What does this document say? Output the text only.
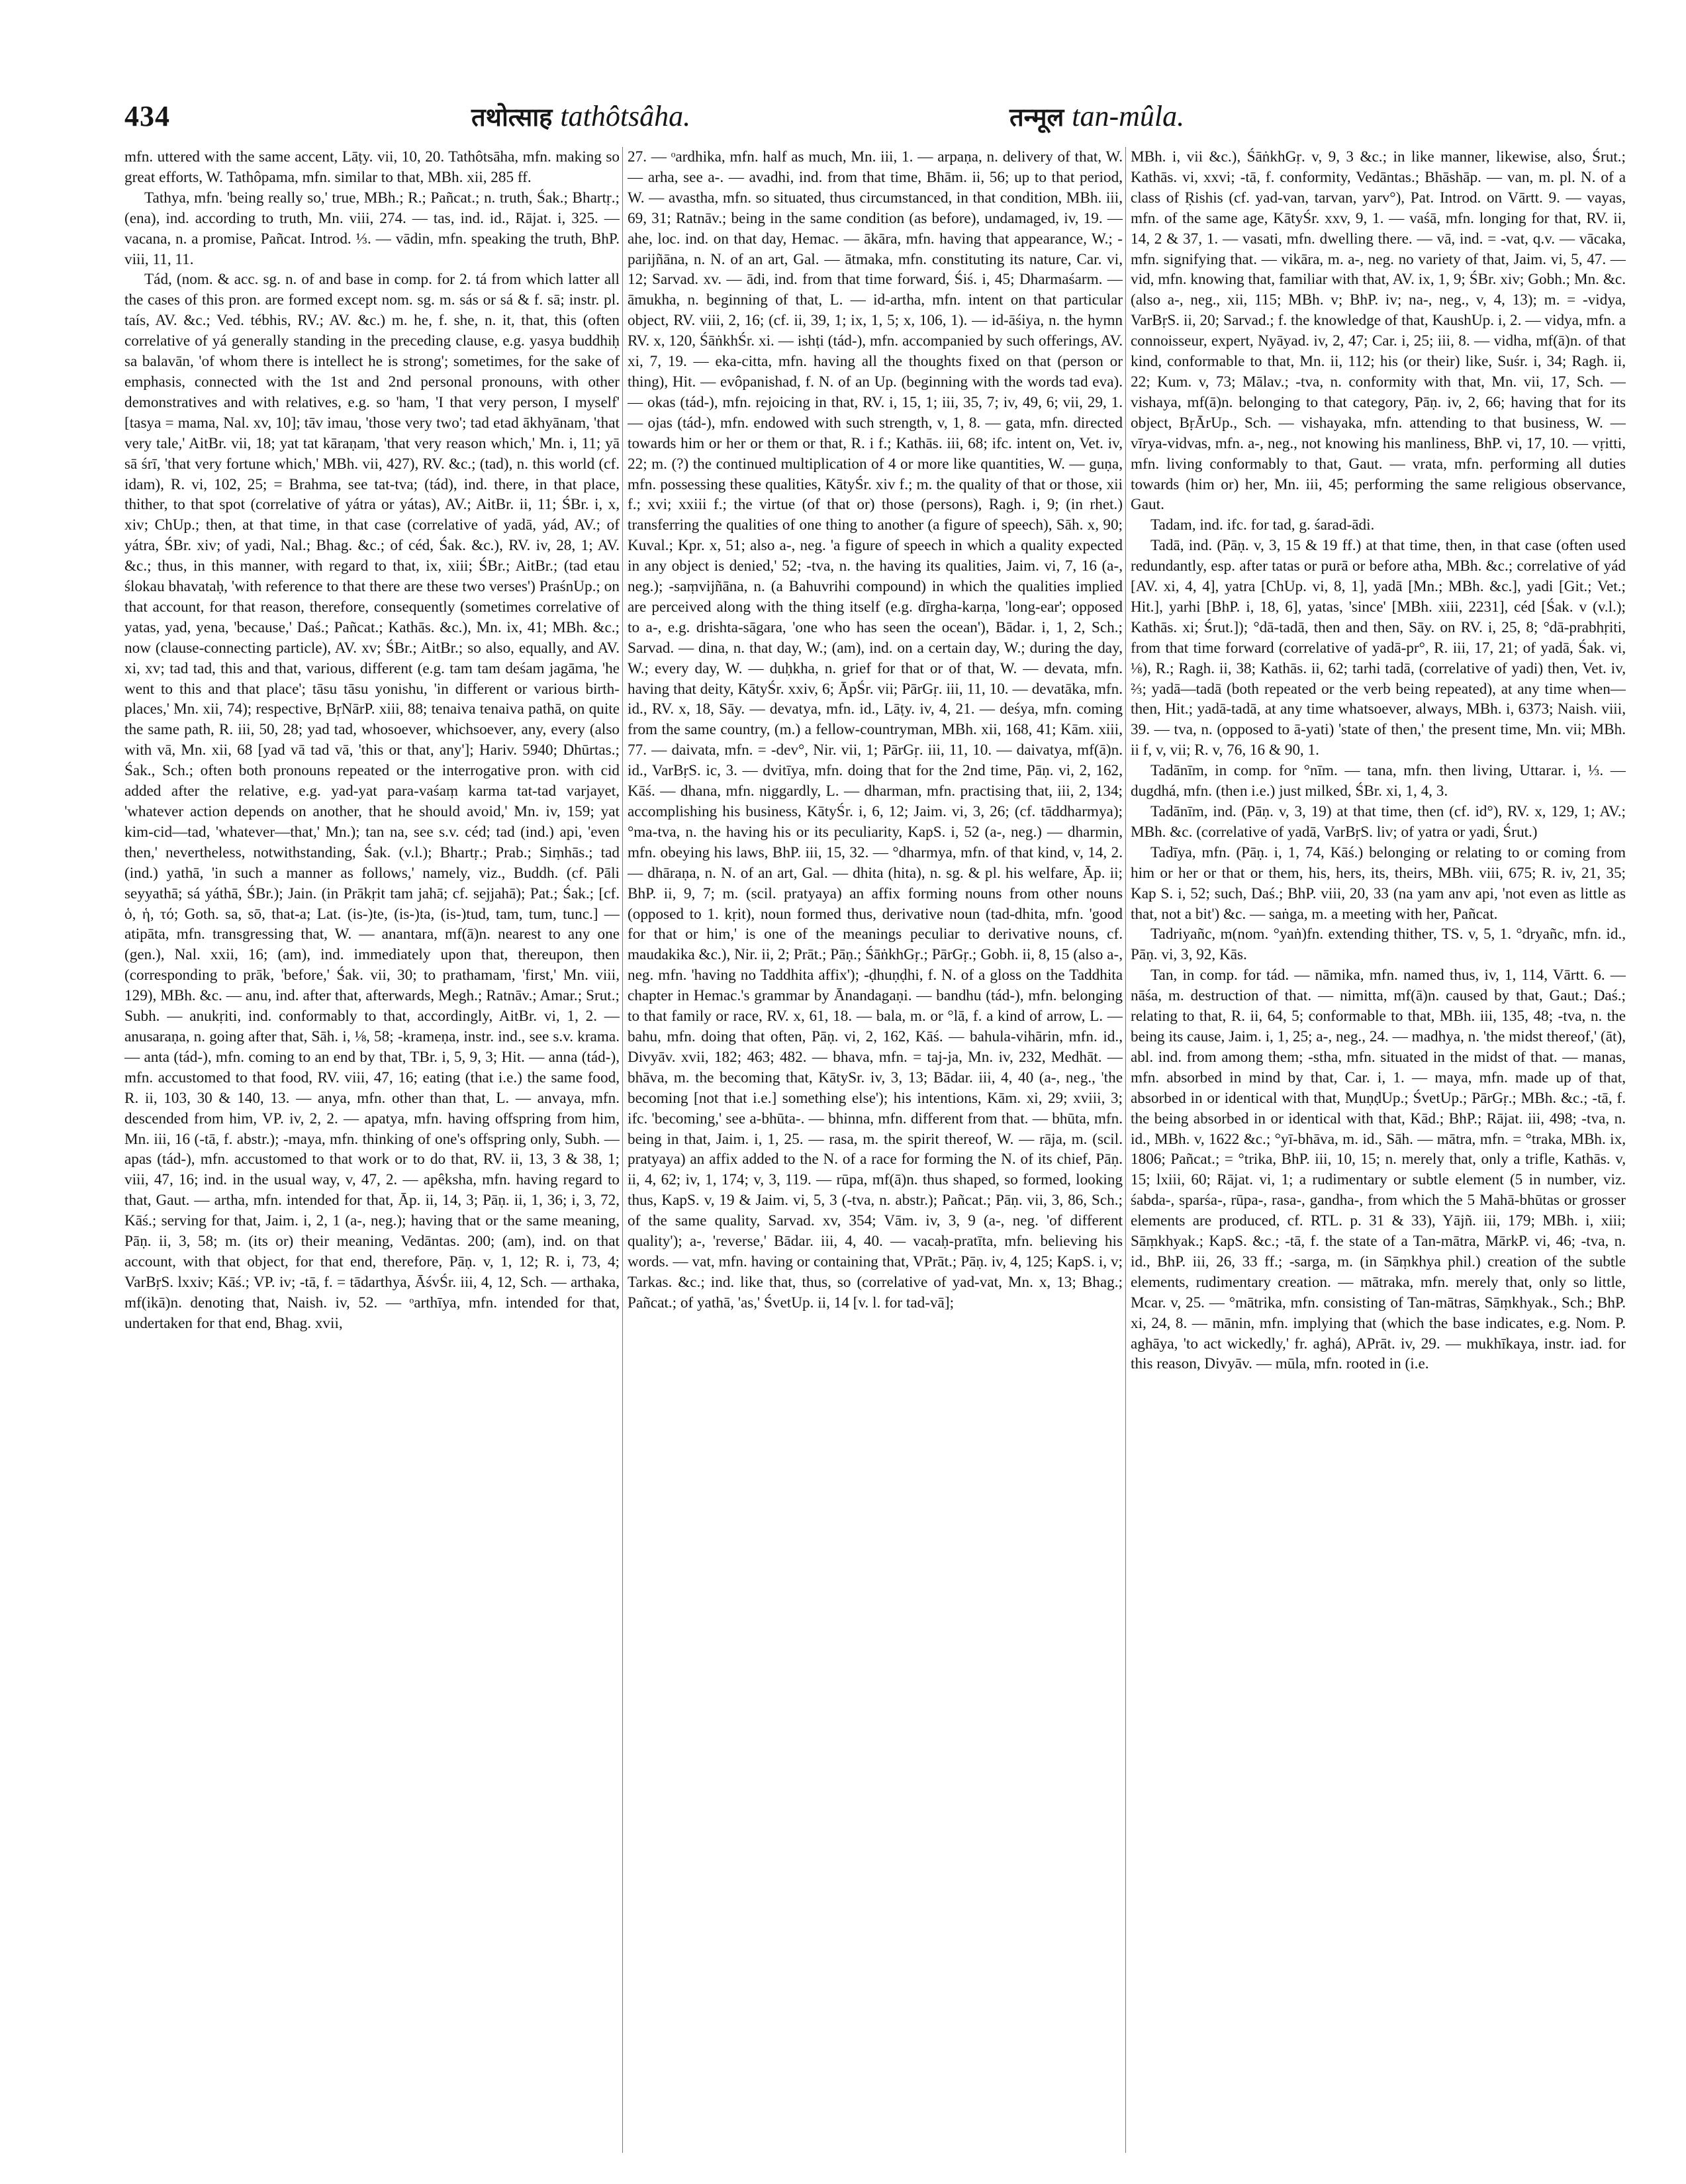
434	तथोत्साह tathôtsâha.	तन्मूल tan-mûla.

mfn. uttered with the same accent, Lāṭy. vii, 10, 20. Tathôtsāha, mfn. making so great efforts, W. Tathôpama, mfn. similar to that, MBh. xii, 285 ff.

Tathya, mfn. 'being really so,' true, MBh.; R.; Pañcat.; n. truth, Śak.; Bhartṛ.; (ena), ind. according to truth, Mn. viii, 274. — tas, ind. id., Rājat. i, 325. — vacana, n. a promise, Pañcat. Introd. ⅓. — vādin, mfn. speaking the truth, BhP. viii, 11, 11.

Tád, (nom. & acc. sg. n. of and base in comp. for 2. tá from which latter all the cases of this pron. are formed except nom. sg. m. sás or sá & f. sā; instr. pl. taís, AV. &c.; Ved. tébhis, RV.; AV. &c.) m. he, f. she, n. it, that, this (often correlative of yá generally standing in the preceding clause, e.g. yasya buddhiḥ sa balavān, 'of whom there is intellect he is strong'; sometimes, for the sake of emphasis, connected with the 1st and 2nd personal pronouns, with other demonstratives and with relatives, e.g. so 'ham, 'I that very person, I myself' [tasya = mama, Nal. xv, 10]; tāv imau, 'those very two'; tad etad ākhyānam, 'that very tale,' AitBr. vii, 18; yat tat kāraṇam, 'that very reason which,' Mn. i, 11; yā sā śrī, 'that very fortune which,' MBh. vii, 427), RV. &c.; (tad), n. this world (cf. idam), R. vi, 102, 25; = Brahma, see tat-tva; (tád), ind. there, in that place, thither, to that spot (correlative of yátra or yátas), AV.; AitBr. ii, 11; ŚBr. i, x, xiv; ChUp.; then, at that time, in that case (correlative of yadā, yád, AV.; of yátra, ŚBr. xiv; of yadi, Nal.; Bhag. &c.; of céd, Śak. &c.), RV. iv, 28, 1; AV. &c.; thus, in this manner, with regard to that, ix, xiii; ŚBr.; AitBr.; (tad etau ślokau bhavataḥ, 'with reference to that there are these two verses') PraśnUp.; on that account, for that reason, therefore, consequently (sometimes correlative of yatas, yad, yena, 'because,' Daś.; Pañcat.; Kathās. &c.), Mn. ix, 41; MBh. &c.; now (clause-connecting particle), AV. xv; ŚBr.; AitBr.; so also, equally, and AV. xi, xv; tad tad, this and that, various, different (e.g. tam tam deśam jagāma, 'he went to this and that place'; tāsu tāsu yonishu, 'in different or various birth-places,' Mn. xii, 74); respective, BṛNārP. xiii, 88; tenaiva tenaiva pathā, on quite the same path, R. iii, 50, 28; yad tad, whosoever, whichsoever, any, every (also with vā, Mn. xii, 68 [yad vā tad vā, 'this or that, any']; Hariv. 5940; Dhūrtas.; Śak., Sch.; often both pronouns repeated or the interrogative pron. with cid added after the relative, e.g. yad-yat para-vaśaṃ karma tat-tad varjayet, 'whatever action depends on another, that he should avoid,' Mn. iv, 159; yat kim-cid—tad, 'whatever—that,' Mn.); tan na, see s.v. céd; tad (ind.) api, 'even then,' nevertheless, notwithstanding, Śak. (v.l.); Bhartṛ.; Prab.; Siṃhās.; tad (ind.) yathā, 'in such a manner as follows,' namely, viz., Buddh. (cf. Pāli seyyathā; sá yáthā, ŚBr.); Jain. (in Prākṛit tam jahā; cf. sejjahā); Pat.; Śak.; [cf. ὁ, ἡ, τό; Goth. sa, sō, that-a; Lat. (is-)te, (is-)ta, (is-)tud, tam, tum, tunc.] — atipāta, mfn. transgressing that, W. — anantara, mf(ā)n. nearest to any one (gen.), Nal. xxii, 16; (am), ind. immediately upon that, thereupon, then (corresponding to prāk, 'before,' Śak. vii, 30; to prathamam, 'first,' Mn. viii, 129), MBh. &c. — anu, ind. after that, afterwards, Megh.; Ratnāv.; Amar.; Srut.; Subh. — anukṛiti, ind. conformably to that, accordingly, AitBr. vi, 1, 2. — anusaraṇa, n. going after that, Sāh. i, ⅛, 58; -krameṇa, instr. ind., see s.v. krama. — anta (tád-), mfn. coming to an end by that, TBr. i, 5, 9, 3; Hit. — anna (tád-), mfn. accustomed to that food, RV. viii, 47, 16; eating (that i.e.) the same food, R. ii, 103, 30 & 140, 13. — anya, mfn. other than that, L. — anvaya, mfn. descended from him, VP. iv, 2, 2. — apatya, mfn. having offspring from him, Mn. iii, 16 (-tā, f. abstr.); -maya, mfn. thinking of one's offspring only, Subh. — apas (tád-), mfn. accustomed to that work or to do that, RV. ii, 13, 3 & 38, 1; viii, 47, 16; ind. in the usual way, v, 47, 2. — apêksha, mfn. having regard to that, Gaut. — artha, mfn. intended for that, Āp. ii, 14, 3; Pāṇ. ii, 1, 36; i, 3, 72, Kāś.; serving for that, Jaim. i, 2, 1 (a-, neg.); having that or the same meaning, Pāṇ. ii, 3, 58; m. (its or) their meaning, Vedāntas. 200; (am), ind. on that account, with that object, for that end, therefore, Pāṇ. v, 1, 12; R. i, 73, 4; VarBṛS. lxxiv; Kāś.; VP. iv; -tā, f. = tādarthya, ĀśvŚr. iii, 4, 12, Sch. — arthaka, mf(ikā)n. denoting that, Naish. iv, 52. — ᵒarthīya, mfn. intended for that, undertaken for that end, Bhag. xvii,

27. — ᵒardhika, mfn. half as much, Mn. iii, 1. — arpaṇa, n. delivery of that, W. — arha, see a-. — avadhi, ind. from that time, Bhām. ii, 56; up to that period, W. — avastha, mfn. so situated, thus circumstanced, in that condition, MBh. iii, 69, 31; Ratnāv.; being in the same condition (as before), undamaged, iv, 19. — ahe, loc. ind. on that day, Hemac. — ākāra, mfn. having that appearance, W.; -parijñāna, n. N. of an art, Gal. — ātmaka, mfn. constituting its nature, Car. vi, 12; Sarvad. xv. — ādi, ind. from that time forward, Śiś. i, 45; Dharmaśarm. — āmukha, n. beginning of that, L. — id-artha, mfn. intent on that particular object, RV. viii, 2, 16; (cf. ii, 39, 1; ix, 1, 5; x, 106, 1). — id-āśiya, n. the hymn RV. x, 120, ŚāṅkhŚr. xi. — ishṭi (tád-), mfn. accompanied by such offerings, AV. xi, 7, 19. — eka-citta, mfn. having all the thoughts fixed on that (person or thing), Hit. — evôpanishad, f. N. of an Up. (beginning with the words tad eva). — okas (tád-), mfn. rejoicing in that, RV. i, 15, 1; iii, 35, 7; iv, 49, 6; vii, 29, 1. — ojas (tád-), mfn. endowed with such strength, v, 1, 8. — gata, mfn. directed towards him or her or them or that, R. i f.; Kathās. iii, 68; ifc. intent on, Vet. iv, 22; m. (?) the continued multiplication of 4 or more like quantities, W. — guṇa, mfn. possessing these qualities, KātyŚr. xiv f.; m. the quality of that or those, xii f.; xvi; xxiii f.; the virtue (of that or) those (persons), Ragh. i, 9; (in rhet.) transferring the qualities of one thing to another (a figure of speech), Sāh. x, 90; Kuval.; Kpr. x, 51; also a-, neg. 'a figure of speech in which a quality expected in any object is denied,' 52; -tva, n. the having its qualities, Jaim. vi, 7, 16 (a-, neg.); -saṃvijñāna, n. (a Bahuvrihi compound) in which the qualities implied are perceived along with the thing itself (e.g. dīrgha-karṇa, 'long-ear'; opposed to a-, e.g. drishta-sāgara, 'one who has seen the ocean'), Bādar. i, 1, 2, Sch.; Sarvad. — dina, n. that day, W.; (am), ind. on a certain day, W.; during the day, W.; every day, W. — duḥkha, n. grief for that or of that, W. — devata, mfn. having that deity, KātyŚr. xxiv, 6; ĀpŚr. vii; PārGṛ. iii, 11, 10. — devatāka, mfn. id., RV. x, 18, Sāy. — devatya, mfn. id., Lāṭy. iv, 4, 21. — deśya, mfn. coming from the same country, (m.) a fellow-countryman, MBh. xii, 168, 41; Kām. xiii, 77. — daivata, mfn. = -dev°, Nir. vii, 1; PārGṛ. iii, 11, 10. — daivatya, mf(ā)n. id., VarBṛS. ic, 3. — dvitīya, mfn. doing that for the 2nd time, Pāṇ. vi, 2, 162, Kāś. — dhana, mfn. niggardly, L. — dharman, mfn. practising that, iii, 2, 134; accomplishing his business, KātyŚr. i, 6, 12; Jaim. vi, 3, 26; (cf. tāddharmya); °ma-tva, n. the having his or its peculiarity, KapS. i, 52 (a-, neg.) — dharmin, mfn. obeying his laws, BhP. iii, 15, 32. — °dharmya, mfn. of that kind, v, 14, 2. — dhāraṇa, n. N. of an art, Gal. — dhita (hita), n. sg. & pl. his welfare, Āp. ii; BhP. ii, 9, 7; m. (scil. pratyaya) an affix forming nouns from other nouns (opposed to 1. kṛit), noun formed thus, derivative noun (tad-dhita, mfn. 'good for that or him,' is one of the meanings peculiar to derivative nouns, cf. maudakika &c.), Nir. ii, 2; Prāt.; Pāṇ.; ŚāṅkhGṛ.; PārGṛ.; Gobh. ii, 8, 15 (also a-, neg. mfn. 'having no Taddhita affix'); -ḍhuṇḍhi, f. N. of a gloss on the Taddhita chapter in Hemac.'s grammar by Ānandagaṇi. — bandhu (tád-), mfn. belonging to that family or race, RV. x, 61, 18. — bala, m. or °lā, f. a kind of arrow, L. — bahu, mfn. doing that often, Pāṇ. vi, 2, 162, Kāś. — bahula-vihārin, mfn. id., Divyāv. xvii, 182; 463; 482. — bhava, mfn. = taj-ja, Mn. iv, 232, Medhāt. — bhāva, m. the becoming that, KātySr. iv, 3, 13; Bādar. iii, 4, 40 (a-, neg., 'the becoming [not that i.e.] something else'); his intentions, Kām. xi, 29; xviii, 3; ifc. 'becoming,' see a-bhūta-. — bhinna, mfn. different from that. — bhūta, mfn. being in that, Jaim. i, 1, 25. — rasa, m. the spirit thereof, W. — rāja, m. (scil. pratyaya) an affix added to the N. of a race for forming the N. of its chief, Pāṇ. ii, 4, 62; iv, 1, 174; v, 3, 119. — rūpa, mf(ā)n. thus shaped, so formed, looking thus, KapS. v, 19 & Jaim. vi, 5, 3 (-tva, n. abstr.); Pañcat.; Pāṇ. vii, 3, 86, Sch.; of the same quality, Sarvad. xv, 354; Vām. iv, 3, 9 (a-, neg. 'of different quality'); a-, 'reverse,' Bādar. iii, 4, 40. — vacaḥ-pratīta, mfn. believing his words. — vat, mfn. having or containing that, VPrāt.; Pāṇ. iv, 4, 125; KapS. i, v; Tarkas. &c.; ind. like that, thus, so (correlative of yad-vat, Mn. x, 13; Bhag.; Pañcat.; of yathā, 'as,' ŚvetUp. ii, 14 [v. l. for tad-vā];

MBh. i, vii &c.), ŚāṅkhGṛ. v, 9, 3 &c.; in like manner, likewise, also, Śrut.; Kathās. vi, xxvi; -tā, f. conformity, Vedāntas.; Bhāshāp. — van, m. pl. N. of a class of Ṛishis (cf. yad-van, tarvan, yarv°), Pat. Introd. on Vārtt. 9. — vayas, mfn. of the same age, KātyŚr. xxv, 9, 1. — vaśā, mfn. longing for that, RV. ii, 14, 2 & 37, 1. — vasati, mfn. dwelling there. — vā, ind. = -vat, q.v. — vācaka, mfn. signifying that. — vikāra, m. a-, neg. no variety of that, Jaim. vi, 5, 47. — vid, mfn. knowing that, familiar with that, AV. ix, 1, 9; ŚBr. xiv; Gobh.; Mn. &c. (also a-, neg., xii, 115; MBh. v; BhP. iv; na-, neg., v, 4, 13); m. = -vidya, VarBṛS. ii, 20; Sarvad.; f. the knowledge of that, KaushUp. i, 2. — vidya, mfn. a connoisseur, expert, Nyāyad. iv, 2, 47; Car. i, 25; iii, 8. — vidha, mf(ā)n. of that kind, conformable to that, Mn. ii, 112; his (or their) like, Suśr. i, 34; Ragh. ii, 22; Kum. v, 73; Mālav.; -tva, n. conformity with that, Mn. vii, 17, Sch. — vishaya, mf(ā)n. belonging to that category, Pāṇ. iv, 2, 66; having that for its object, BṛĀrUp., Sch. — vishayaka, mfn. attending to that business, W. — vīrya-vidvas, mfn. a-, neg., not knowing his manliness, BhP. vi, 17, 10. — vṛitti, mfn. living conformably to that, Gaut. — vrata, mfn. performing all duties towards (him or) her, Mn. iii, 45; performing the same religious observance, Gaut.

Tadam, ind. ifc. for tad, g. śarad-ādi.

Tadā, ind. (Pāṇ. v, 3, 15 & 19 ff.) at that time, then, in that case (often used redundantly, esp. after tatas or purā or before atha, MBh. &c.; correlative of yád [AV. xi, 4, 4], yatra [ChUp. vi, 8, 1], yadā [Mn.; MBh. &c.], yadi [Git.; Vet.; Hit.], yarhi [BhP. i, 18, 6], yatas, 'since' [MBh. xiii, 2231], céd [Śak. v (v.l.); Kathās. xi; Śrut.]); °dā-tadā, then and then, Sāy. on RV. i, 25, 8; °dā-prabhṛiti, from that time forward (correlative of yadā-pr°, R. iii, 17, 21; of yadā, Śak. vi, ⅛), R.; Ragh. ii, 38; Kathās. ii, 62; tarhi tadā, (correlative of yadi) then, Vet. iv, ⅔; yadā—tadā (both repeated or the verb being repeated), at any time when—then, Hit.; yadā-tadā, at any time whatsoever, always, MBh. i, 6373; Naish. viii, 39. — tva, n. (opposed to ā-yati) 'state of then,' the present time, Mn. vii; MBh. ii f, v, vii; R. v, 76, 16 & 90, 1.

Tadānīm, in comp. for °nīm. — tana, mfn. then living, Uttarar. i, ⅓. — dugdhá, mfn. (then i.e.) just milked, ŚBr. xi, 1, 4, 3.

Tadānīm, ind. (Pāṇ. v, 3, 19) at that time, then (cf. id°), RV. x, 129, 1; AV.; MBh. &c. (correlative of yadā, VarBṛS. liv; of yatra or yadi, Śrut.)

Tadīya, mfn. (Pāṇ. i, 1, 74, Kāś.) belonging or relating to or coming from him or her or that or them, his, hers, its, theirs, MBh. viii, 675; R. iv, 21, 35; Kap S. i, 52; such, Daś.; BhP. viii, 20, 33 (na yam anv api, 'not even as little as that, not a bit') &c. — saṅga, m. a meeting with her, Pañcat.

Tadriyañc, m(nom. °yaṅ)fn. extending thither, TS. v, 5, 1. °dryañc, mfn. id., Pāṇ. vi, 3, 92, Kās.

Tan, in comp. for tád. — nāmika, mfn. named thus, iv, 1, 114, Vārtt. 6. — nāśa, m. destruction of that. — nimitta, mf(ā)n. caused by that, Gaut.; Daś.; relating to that, R. ii, 64, 5; conformable to that, MBh. iii, 135, 48; -tva, n. the being its cause, Jaim. i, 1, 25; a-, neg., 24. — madhya, n. 'the midst thereof,' (āt), abl. ind. from among them; -stha, mfn. situated in the midst of that. — manas, mfn. absorbed in mind by that, Car. i, 1. — maya, mfn. made up of that, absorbed in or identical with that, MuṇḍUp.; ŚvetUp.; PārGṛ.; MBh. &c.; -tā, f. the being absorbed in or identical with that, Kād.; BhP.; Rājat. iii, 498; -tva, n. id., MBh. v, 1622 &c.; °yī-bhāva, m. id., Sāh. — mātra, mfn. = °traka, MBh. ix, 1806; Pañcat.; = °trika, BhP. iii, 10, 15; n. merely that, only a trifle, Kathās. v, 15; lxiii, 60; Rājat. vi, 1; a rudimentary or subtle element (5 in number, viz. śabda-, sparśa-, rūpa-, rasa-, gandha-, from which the 5 Mahā-bhūtas or grosser elements are produced, cf. RTL. p. 31 & 33), Yājñ. iii, 179; MBh. i, xiii; Sāṃkhyak.; KapS. &c.; -tā, f. the state of a Tan-mātra, MārkP. vi, 46; -tva, n. id., BhP. iii, 26, 33 ff.; -sarga, m. (in Sāṃkhya phil.) creation of the subtle elements, rudimentary creation. — mātraka, mfn. merely that, only so little, Mcar. v, 25. — °mātrika, mfn. consisting of Tan-mātras, Sāṃkhyak., Sch.; BhP. xi, 24, 8. — mānin, mfn. implying that (which the base indicates, e.g. Nom. P. aghāya, 'to act wickedly,' fr. aghá), APrāt. iv, 29. — mukhīkaya, instr. iad. for this reason, Divyāv. — mūla, mfn. rooted in (i.e.
